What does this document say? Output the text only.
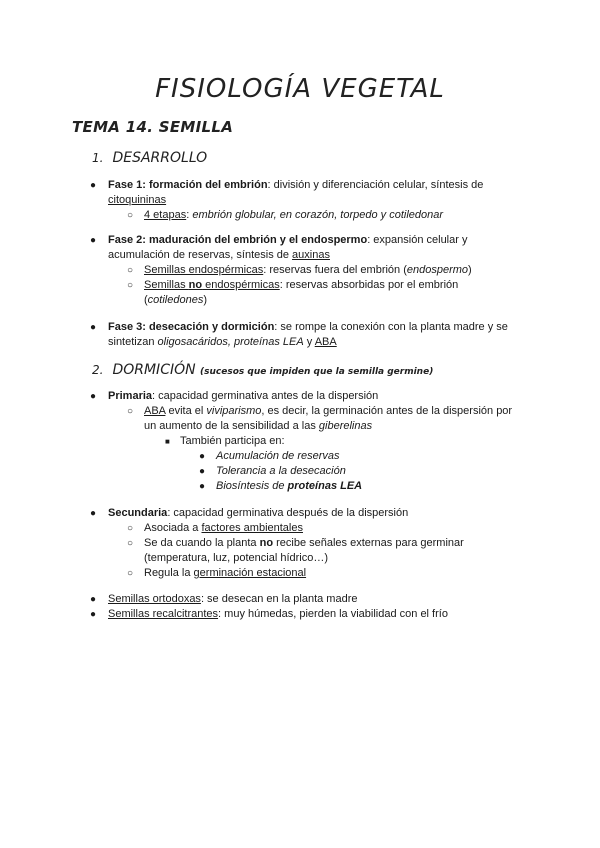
FISIOLOGÍA VEGETAL
TEMA 14. SEMILLA
1. DESARROLLO
● Fase 1: formación del embrión: división y diferenciación celular, síntesis de
citoquininas
○ 4 etapas: embrión globular, en corazón, torpedo y cotiledonar
● Fase 2: maduración del embrión y el endospermo: expansión celular y
acumulación de reservas, síntesis de auxinas
○ Semillas endospérmicas: reservas fuera del embrión (endospermo)
○ Semillas no endospérmicas: reservas absorbidas por el embrión
(cotiledones)
● Fase 3: desecación y dormición: se rompe la conexión con la planta madre y se
sintetizan oligosacáridos, proteínas LEA y ABA
2. DORMICIÓN (sucesos que impiden que la semilla germine)
● Primaria: capacidad germinativa antes de la dispersión
○ ABA evita el viviparismo, es decir, la germinación antes de la dispersión por
un aumento de la sensibilidad a las giberelinas
■ También participa en:
● Acumulación de reservas
● Tolerancia a la desecación
● Biosíntesis de proteínas LEA
● Secundaria: capacidad germinativa después de la dispersión
○ Asociada a factores ambientales
○ Se da cuando la planta no recibe señales externas para germinar
(temperatura, luz, potencial hídrico…)
○ Regula la germinación estacional
● Semillas ortodoxas: se desecan en la planta madre
● Semillas recalcitrantes: muy húmedas, pierden la viabilidad con el frío
